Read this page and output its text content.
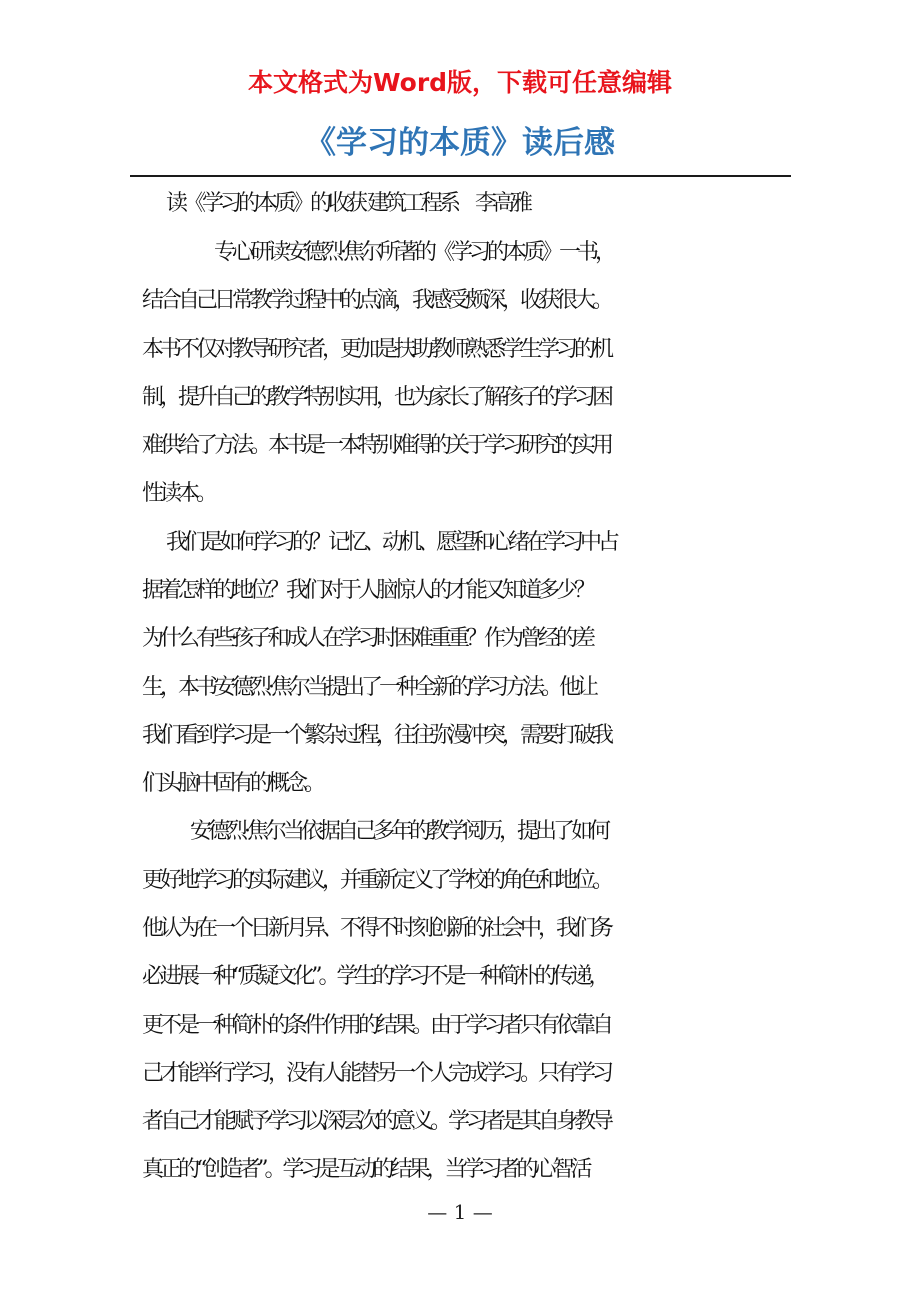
本文格式为Word版，下载可任意编辑
《学习的本质》读后感
读《学习的本质》的收获 建筑工程系　李高雅
专心研读安德烈·焦尔所著的《学习的本质》一书，
结合自己日常教学过程中的点滴，我感受颇深，收获很大。
本书不仅对教导研究者，更加是扶助教师熟悉学生学习的机
制，提升自己的教学特别实用，也为家长了解孩子的学习困
难供给了方法。本书是一本特别难得的关于学习研究的实用
性读本。
我们是如何学习的？记忆、动机、愿望和心绪在学习中占
据着怎样的地位？我们对于人脑惊人的才能又知道多少？
为什么有些孩子和成人在学习时困难重重？作为曾经的差
生，本书安德烈·焦尔当提出了一种全新的学习方法。他让
我们看到学习是一个繁杂过程，往往弥漫冲突，需要打破我
们头脑中固有的概念。
安德烈·焦尔当依据自己多年的教学阅历，提出了如何
更好地学习的实际建议，并重新定义了学校的角色和地位。
他认为在一个日新月异、不得不时刻创新的社会中，我们务
必进展一种“质疑文化”。学生的学习不是一种简朴的传递，
更不是一种简朴的条件作用的结果。由于学习者只有依靠自
己才能举行学习，没有人能替另一个人完成学习。只有学习
者自己才能赋予学习以深层次的意义。学习者是其自身教导
真正的“创造者”。学习是互动的结果，当学习者的心智活
— 1 —
